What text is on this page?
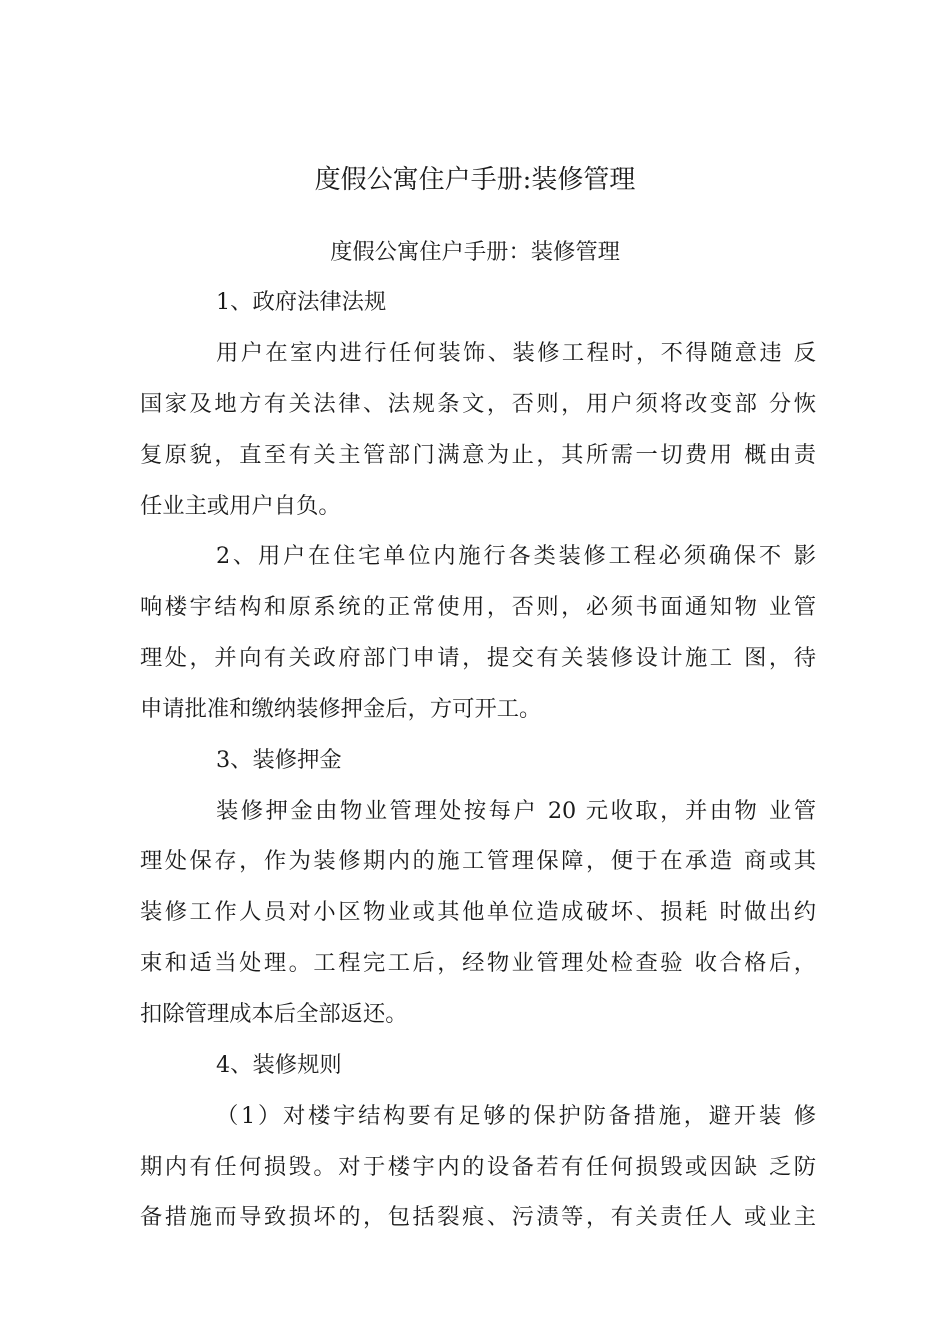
度假公寓住户手册:装修管理
度假公寓住户手册：装修管理
1、政府法律法规
用户在室内进行任何装饰、装修工程时，不得随意违 反
国家及地方有关法律、法规条文，否则，用户须将改变部 分恢
复原貌，直至有关主管部门满意为止，其所需一切费用 概由责
任业主或用户自负。
2、用户在住宅单位内施行各类装修工程必须确保不 影
响楼宇结构和原系统的正常使用，否则，必须书面通知物 业管
理处，并向有关政府部门申请，提交有关装修设计施工 图，待
申请批准和缴纳装修押金后，方可开工。
3、装修押金
装修押金由物业管理处按每户 20 元收取，并由物 业管
理处保存，作为装修期内的施工管理保障，便于在承造 商或其
装修工作人员对小区物业或其他单位造成破坏、损耗 时做出约
束和适当处理。工程完工后，经物业管理处检查验 收合格后，
扣除管理成本后全部返还。
4、装修规则
（1）对楼宇结构要有足够的保护防备措施，避开装 修
期内有任何损毁。对于楼宇内的设备若有任何损毁或因缺 乏防
备措施而导致损坏的，包括裂痕、污渍等，有关责任人 或业主
